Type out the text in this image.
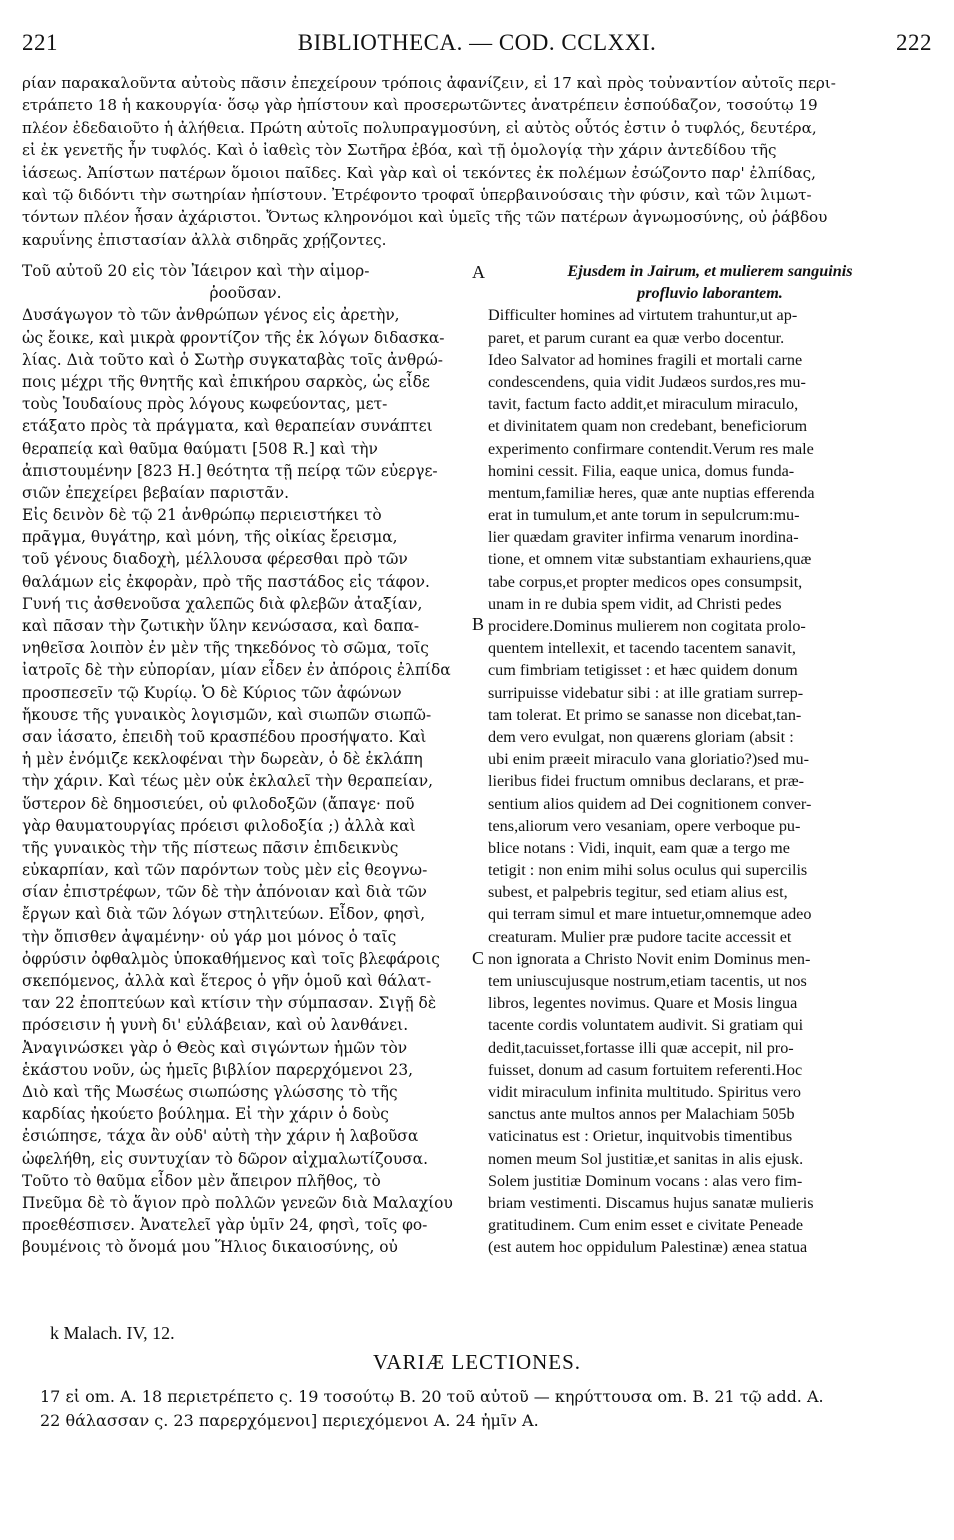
221	BIBLIOTHECA. — COD. CCLXXI.	222
ρίαν παρακαλοῦντα αὐτοὺς πᾶσιν ἐπεχείρουν τρόποις ἀφανίζειν, εἰ 17 καὶ πρὸς τοὐναντίον αὐτοῖς περι-
ετράπετο 18 ἡ κακουργία· ὅσῳ γὰρ ἠπίστουν καὶ προσερωτῶντες ἀνατρέπειν ἐσπούδαζον, τοσούτῳ 19
πλέον ἐδεδαιοῦτο ἡ ἀλήθεια. Πρώτη αὐτοῖς πολυπραγμοσύνη, εἰ αὐτὸς οὗτός ἐστιν ὁ τυφλός, δευτέρα,
εἰ ἐκ γενετῆς ἦν τυφλός. Καὶ ὁ ἰαθεὶς τὸν Σωτῆρα ἐβόα, καὶ τῇ ὁμολογίᾳ τὴν χάριν ἀντεδίδου τῆς
ἰάσεως. Ἀπίστων πατέρων ὅμοιοι παῖδες. Καὶ γὰρ καὶ οἱ τεκόντες ἐκ πολέμων ἐσώζοντο παρ' ἐλπίδας,
καὶ τῷ διδόντι τὴν σωτηρίαν ἠπίστουν. Ἐτρέφοντο τροφαῖ ὑπερβαινούσαις τὴν φύσιν, καὶ τῶν λιμωτ-
τόντων πλέον ἦσαν ἀχάριστοι. Ὄντως κληρονόμοι καὶ ὑμεῖς τῆς τῶν πατέρων ἀγνωμοσύνης, οὐ ῥάβδου
καρυΐνης ἐπιστασίαν ἀλλὰ σιδηρᾶς χρῄζοντες.
Τοῦ αὐτοῦ 20 εἰς τὸν Ἰάειρον καὶ τὴν αἱμορ-
ῥοοῦσαν.
Δυσάγωγον τὸ τῶν ἀνθρώπων γένος εἰς ἀρετὴν,
ὡς ἔοικε, καὶ μικρὰ φροντίζον τῆς ἐκ λόγων διδασκα-
λίας. Διὰ τοῦτο καὶ ὁ Σωτὴρ συγκαταβὰς τοῖς ἀνθρώ-
ποις μέχρι τῆς θνητῆς καὶ ἐπικήρου σαρκὸς, ὡς εἶδε
τοὺς Ἰουδαίους πρὸς λόγους κωφεύοντας, μετ-
ετάξατο πρὸς τὰ πράγματα, καὶ θεραπείαν συνάπτει
θεραπείᾳ καὶ θαῦμα θαύματι [508 R.] καὶ τὴν
ἀπιστουμένην [823 H.] θεότητα τῇ πείρᾳ τῶν εὐεργε-
σιῶν ἐπεχείρει βεβαίαν παριστᾶν.
Εἰς δεινὸν δὲ τῷ 21 ἀνθρώπῳ περιειστήκει τὸ
πρᾶγμα, θυγάτηρ, καὶ μόνη, τῆς οἰκίας ἔρεισμα,
τοῦ γένους διαδοχὴ, μέλλουσα φέρεσθαι πρὸ τῶν
θαλάμων εἰς ἐκφορὰν, πρὸ τῆς παστάδος εἰς τάφον.
Γυνή τις ἀσθενοῦσα χαλεπῶς διὰ φλεβῶν ἀταξίαν,
καὶ πᾶσαν τὴν ζωτικὴν ὕλην κενώσασα, καὶ δαπα-
νηθεῖσα λοιπὸν ἐν μὲν τῆς τηκεδόνος τὸ σῶμα, τοῖς
ἰατροῖς δὲ τὴν εὐπορίαν, μίαν εἶδεν ἐν ἀπόροις ἐλπίδα
προσπεσεῖν τῷ Κυρίῳ. Ὁ δὲ Κύριος τῶν ἀφώνων
ἤκουσε τῆς γυναικὸς λογισμῶν, καὶ σιωπῶν σιωπῶ-
σαν ἰάσατο, ἐπειδὴ τοῦ κρασπέδου προσήψατο. Καὶ
ἡ μὲν ἐνόμιζε κεκλοφέναι τὴν δωρεὰν, ὁ δὲ ἐκλάπη
τὴν χάριν. Καὶ τέως μὲν οὐκ ἐκλαλεῖ τὴν θεραπείαν,
ὕστερον δὲ δημοσιεύει, οὐ φιλοδοξῶν (ἄπαγε· ποῦ
γὰρ θαυματουργίας πρόεισι φιλοδοξία ;) ἀλλὰ καὶ
τῆς γυναικὸς τὴν τῆς πίστεως πᾶσιν ἐπιδεικνὺς
εὐκαρπίαν, καὶ τῶν παρόντων τοὺς μὲν εἰς θεογνω-
σίαν ἐπιστρέφων, τῶν δὲ τὴν ἀπόνοιαν καὶ διὰ τῶν
ἔργων καὶ διὰ τῶν λόγων στηλιτεύων. Εἶδον, φησὶ,
τὴν ὄπισθεν ἀψαμένην· οὐ γάρ μοι μόνος ὁ ταῖς
ὀφρύσιν ὀφθαλμὸς ὑποκαθήμενος καὶ τοῖς βλεφάροις
σκεπόμενος, ἀλλὰ καὶ ἕτερος ὁ γῆν ὁμοῦ καὶ θάλατ-
ταν 22 ἐποπτεύων καὶ κτίσιν τὴν σύμπασαν. Σιγῇ δὲ
πρόσεισιν ἡ γυνὴ δι' εὐλάβειαν, καὶ οὐ λανθάνει.
Ἀναγινώσκει γὰρ ὁ Θεὸς καὶ σιγώντων ἡμῶν τὸν
ἑκάστου νοῦν, ὡς ἡμεῖς βιβλίον παρερχόμενοι 23,
Διὸ καὶ τῆς Μωσέως σιωπώσης γλώσσης τὸ τῆς
καρδίας ἠκούετο βούλημα. Εἰ τὴν χάριν ὁ δοὺς
ἐσιώπησε, τάχα ἂν οὐδ' αὐτὴ τὴν χάριν ἡ λαβοῦσα
ὠφελήθη, εἰς συντυχίαν τὸ δῶρον αἰχμαλωτίζουσα.
Τοῦτο τὸ θαῦμα εἶδον μὲν ἄπειρον πλῆθος, τὸ
Πνεῦμα δὲ τὸ ἅγιον πρὸ πολλῶν γενεῶν διὰ Μαλαχίου
προεθέσπισεν. Ἀνατελεῖ γὰρ ὑμῖν 24, φησὶ, τοῖς φο-
βουμένοις τὸ ὄνομά μου Ἥλιος δικαιοσύνης, οὐ
Ejusdem in Jairum, et mulierem sanguinis
profluvio laborantem.
Difficulter homines ad virtutem trahuntur,ut ap-
paret, et parum curant ea quæ verbo docentur.
Ideo Salvator ad homines fragili et mortali carne
condescendens, quia vidit Judæos surdos,res mu-
tavit, factum facto addit,et miraculum miraculo,
et divinitatem quam non credebant, beneficiorum
experimento confirmare contendit.Verum res male
homini cessit. Filia, eaque unica, domus funda-
mentum,familiæ heres, quæ ante nuptias efferenda
erat in tumulum,et ante torum in sepulcrum:mu-
lier quædam graviter infirma venarum inordina-
tione, et omnem vitæ substantiam exhauriens,quæ
tabe corpus,et propter medicos opes consumpsit,
unam in re dubia spem vidit, ad Christi pedes
procidere.Dominus mulierem non cogitata prolo-
quentem intellexit, et tacendo tacentem sanavit,
cum fimbriam tetigisset : et hæc quidem donum
surripuisse videbatur sibi : at ille gratiam surrep-
tam tolerat. Et primo se sanasse non dicebat,tan-
dem vero evulgat, non quærens gloriam (absit :
ubi enim præeit miraculo vana gloriatio?)sed mu-
lieribus fidei fructum omnibus declarans, et præ-
sentium alios quidem ad Dei cognitionem conver-
tens,aliorum vero vesaniam, opere verboque pu-
blice notans : Vidi, inquit, eam quæ a tergo me
tetigit : non enim mihi solus oculus qui supercilis
subest, et palpebris tegitur, sed etiam alius est,
qui terram simul et mare intuetur,omnemque adeo
creaturam. Mulier præ pudore tacite accessit et
non ignorata a Christo Novit enim Dominus men-
tem uniuscujusque nostrum,etiam tacentis, ut nos
libros, legentes novimus. Quare et Mosis lingua
tacente cordis voluntatem audivit. Si gratiam qui
dedit,tacuisset,fortasse illi quæ accepit, nil pro-
fuisset, donum ad casum fortuitem referenti.Hoc
vidit miraculum infinita multitudo. Spiritus vero
sanctus ante multos annos per Malachiam 505b
vaticinatus est : Orietur, inquitvobis timentibus
nomen meum Sol justitiæ,et sanitas in alis ejusk.
Solem justitiæ Dominum vocans : alas vero fim-
briam vestimenti. Discamus hujus sanatæ mulieris
gratitudinem. Cum enim esset e civitate Peneade
(est autem hoc oppidulum Palestinæ) ænea statua
A
B
C
k Malach. IV, 12.
VARIÆ LECTIONES.
17 εἰ om. A. 18 περιετρέπετο ς. 19 τοσούτῳ B. 20 τοῦ αὐτοῦ — κηρύττουσα om. B. 21 τῷ add. A.
22 θάλασσαν ς. 23 παρερχόμενοι] περιεχόμενοι A. 24 ἡμῖν A.
